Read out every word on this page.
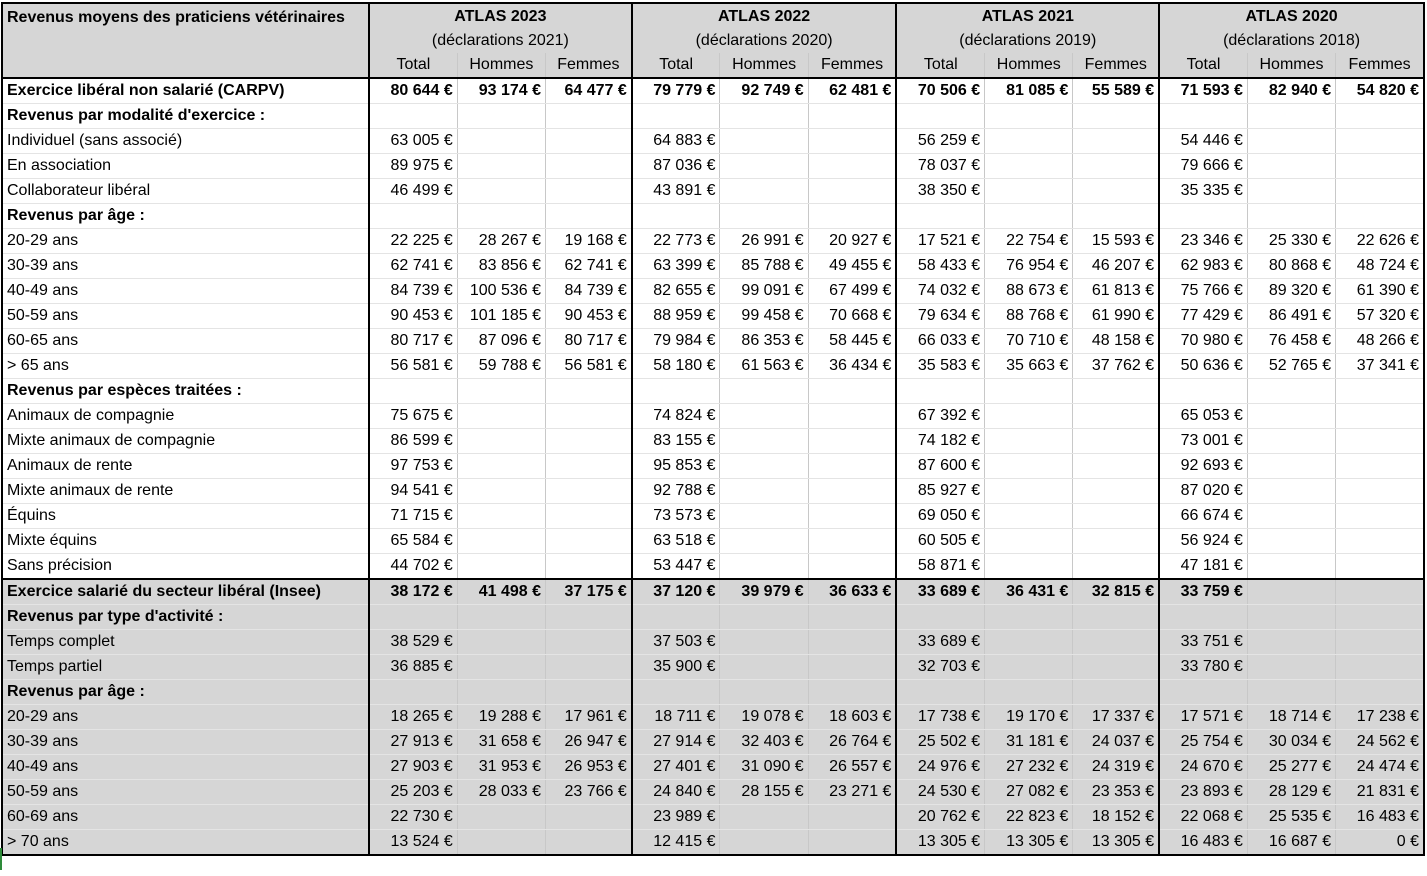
Revenus moyens des praticiens vétérinaires	ATLAS 2023			ATLAS 2022			ATLAS 2021			ATLAS 2020		
	(déclarations 2021)			(déclarations 2020)			(déclarations 2019)			(déclarations 2018)		
	Total	Hommes	Femmes	Total	Hommes	Femmes	Total	Hommes	Femmes	Total	Hommes	Femmes
Exercice libéral non salarié (CARPV)	80 644 €	93 174 €	64 477 €	79 779 €	92 749 €	62 481 €	70 506 €	81 085 €	55 589 €	71 593 €	82 940 €	54 820 €
Revenus par modalité d'exercice :												
Individuel (sans associé)	63 005 €			64 883 €			56 259 €			54 446 €		
En association	89 975 €			87 036 €			78 037 €			79 666 €		
Collaborateur libéral	46 499 €			43 891 €			38 350 €			35 335 €		
Revenus par âge :												
20-29 ans	22 225 €	28 267 €	19 168 €	22 773 €	26 991 €	20 927 €	17 521 €	22 754 €	15 593 €	23 346 €	25 330 €	22 626 €
30-39 ans	62 741 €	83 856 €	62 741 €	63 399 €	85 788 €	49 455 €	58 433 €	76 954 €	46 207 €	62 983 €	80 868 €	48 724 €
40-49 ans	84 739 €	100 536 €	84 739 €	82 655 €	99 091 €	67 499 €	74 032 €	88 673 €	61 813 €	75 766 €	89 320 €	61 390 €
50-59 ans	90 453 €	101 185 €	90 453 €	88 959 €	99 458 €	70 668 €	79 634 €	88 768 €	61 990 €	77 429 €	86 491 €	57 320 €
60-65 ans	80 717 €	87 096 €	80 717 €	79 984 €	86 353 €	58 445 €	66 033 €	70 710 €	48 158 €	70 980 €	76 458 €	48 266 €
> 65 ans	56 581 €	59 788 €	56 581 €	58 180 €	61 563 €	36 434 €	35 583 €	35 663 €	37 762 €	50 636 €	52 765 €	37 341 €
Revenus par espèces traitées :												
Animaux de compagnie	75 675 €			74 824 €			67 392 €			65 053 €		
Mixte animaux de compagnie	86 599 €			83 155 €			74 182 €			73 001 €		
Animaux de rente	97 753 €			95 853 €			87 600 €			92 693 €		
Mixte animaux de rente	94 541 €			92 788 €			85 927 €			87 020 €		
Équins	71 715 €			73 573 €			69 050 €			66 674 €		
Mixte équins	65 584 €			63 518 €			60 505 €			56 924 €		
Sans précision	44 702 €			53 447 €			58 871 €			47 181 €		
Exercice salarié du secteur libéral (Insee)	38 172 €	41 498 €	37 175 €	37 120 €	39 979 €	36 633 €	33 689 €	36 431 €	32 815 €	33 759 €		
Revenus par type d'activité :												
Temps complet	38 529 €			37 503 €			33 689 €			33 751 €		
Temps partiel	36 885 €			35 900 €			32 703 €			33 780 €		
Revenus par âge :												
20-29 ans	18 265 €	19 288 €	17 961 €	18 711 €	19 078 €	18 603 €	17 738 €	19 170 €	17 337 €	17 571 €	18 714 €	17 238 €
30-39 ans	27 913 €	31 658 €	26 947 €	27 914 €	32 403 €	26 764 €	25 502 €	31 181 €	24 037 €	25 754 €	30 034 €	24 562 €
40-49 ans	27 903 €	31 953 €	26 953 €	27 401 €	31 090 €	26 557 €	24 976 €	27 232 €	24 319 €	24 670 €	25 277 €	24 474 €
50-59 ans	25 203 €	28 033 €	23 766 €	24 840 €	28 155 €	23 271 €	24 530 €	27 082 €	23 353 €	23 893 €	28 129 €	21 831 €
60-69 ans	22 730 €			23 989 €			20 762 €	22 823 €	18 152 €	22 068 €	25 535 €	16 483 €
> 70 ans	13 524 €			12 415 €			13 305 €	13 305 €	13 305 €	16 483 €	16 687 €	0 €
